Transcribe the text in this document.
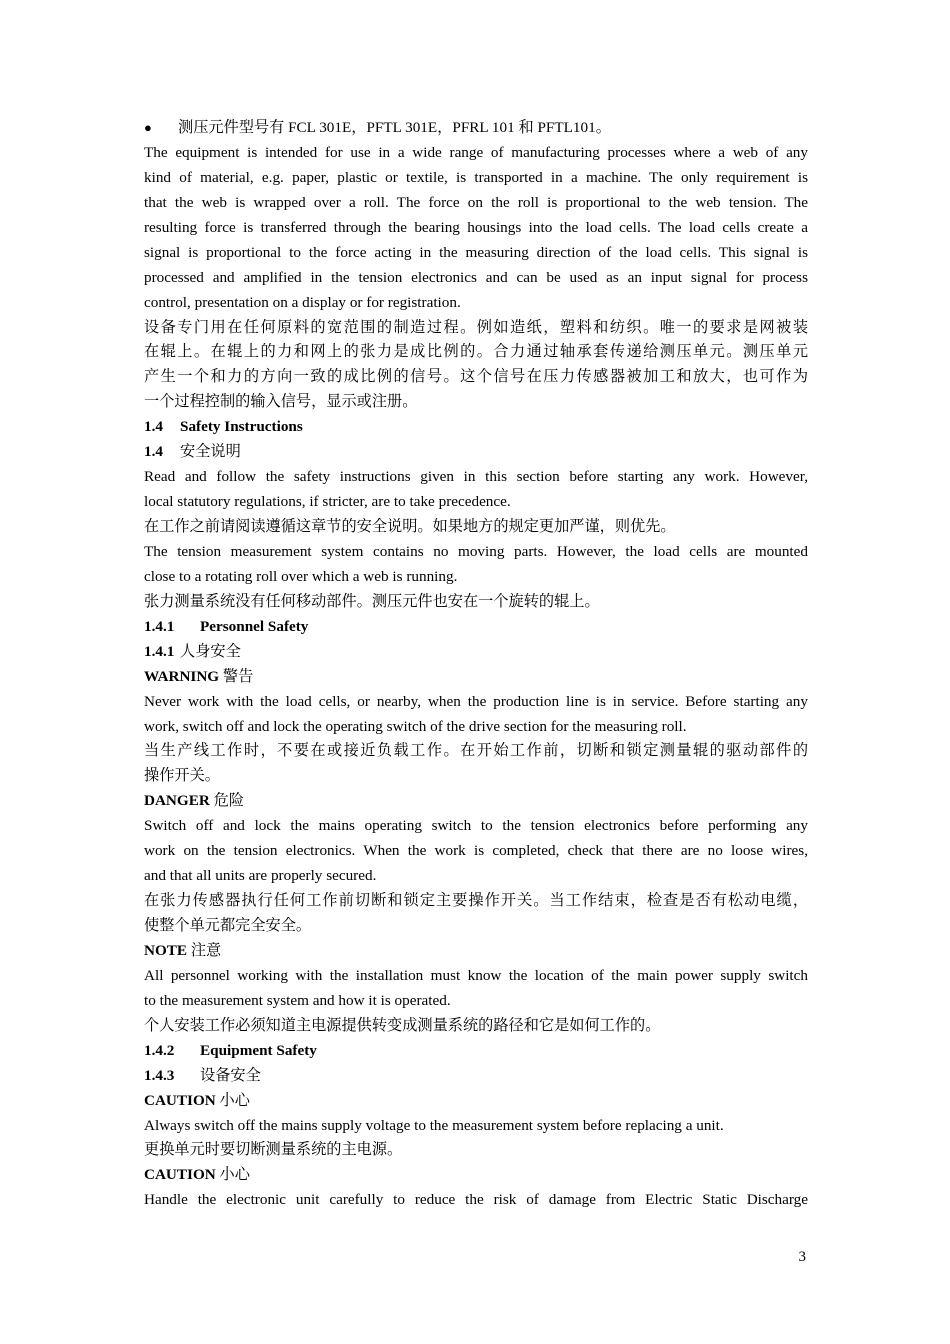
● 测压元件型号有 FCL 301E，PFTL 301E，PFRL 101 和 PFTL101。
The equipment is intended for use in a wide range of manufacturing processes where a web of any
kind of material, e.g. paper, plastic or textile, is transported in a machine. The only requirement is
that the web is wrapped over a roll. The force on the roll is proportional to the web tension. The
resulting force is transferred through the bearing housings into the load cells. The load cells create a
signal is proportional to the force acting in the measuring direction of the load cells. This signal is
processed and amplified in the tension electronics and can be used as an input signal for process
control, presentation on a display or for registration.
设备专门用在任何原料的宽范围的制造过程。例如造纸，塑料和纺织。唯一的要求是网被装
在辊上。在辊上的力和网上的张力是成比例的。合力通过轴承套传递给测压单元。测压单元
产生一个和力的方向一致的成比例的信号。这个信号在压力传感器被加工和放大，也可作为
一个过程控制的输入信号，显示或注册。
1.4 Safety Instructions
1.4 安全说明
Read and follow the safety instructions given in this section before starting any work. However,
local statutory regulations, if stricter, are to take precedence.
在工作之前请阅读遵循这章节的安全说明。如果地方的规定更加严谨，则优先。
The tension measurement system contains no moving parts. However, the load cells are mounted
close to a rotating roll over which a web is running.
张力测量系统没有任何移动部件。测压元件也安在一个旋转的辊上。
1.4.1 Personnel Safety
1.4.1 人身安全
WARNING 警告
Never work with the load cells, or nearby, when the production line is in service. Before starting any
work, switch off and lock the operating switch of the drive section for the measuring roll.
当生产线工作时，不要在或接近负载工作。在开始工作前，切断和锁定测量辊的驱动部件的
操作开关。
DANGER 危险
Switch off and lock the mains operating switch to the tension electronics before performing any
work on the tension electronics. When the work is completed, check that there are no loose wires,
and that all units are properly secured.
在张力传感器执行任何工作前切断和锁定主要操作开关。当工作结束，检查是否有松动电缆，
使整个单元都完全安全。
NOTE 注意
All personnel working with the installation must know the location of the main power supply switch
to the measurement system and how it is operated.
个人安装工作必须知道主电源提供转变成测量系统的路径和它是如何工作的。
1.4.2 Equipment Safety
1.4.3 设备安全
CAUTION 小心
Always switch off the mains supply voltage to the measurement system before replacing a unit.
更换单元时要切断测量系统的主电源。
CAUTION 小心
Handle the electronic unit carefully to reduce the risk of damage from Electric Static Discharge
3
